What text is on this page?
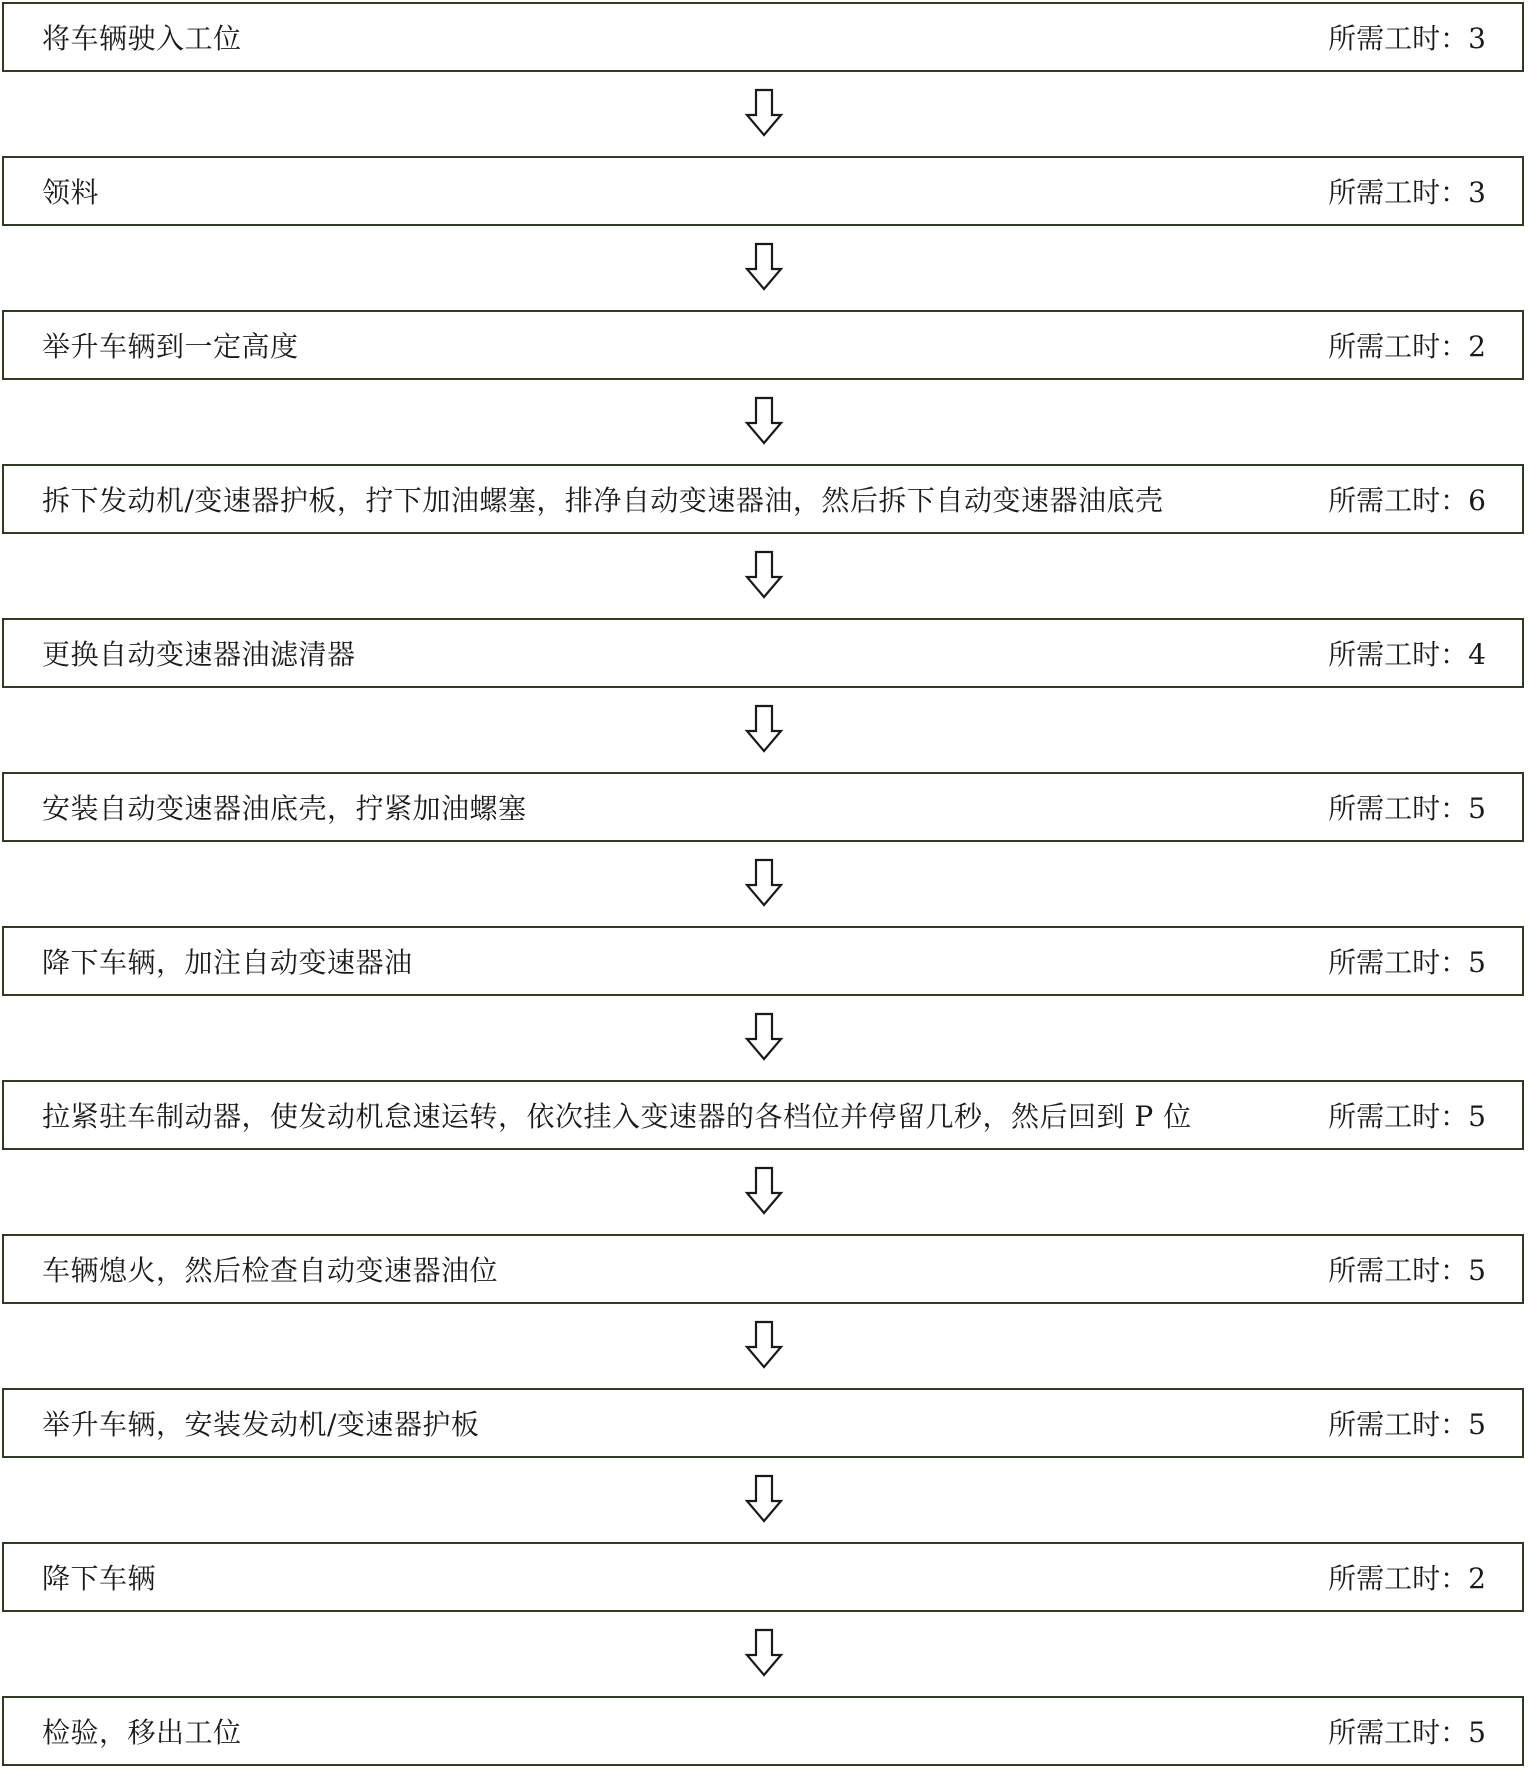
将车辆驶入工位	所需工时：3
领料	所需工时：3
举升车辆到一定高度	所需工时：2
拆下发动机/变速器护板，拧下加油螺塞，排净自动变速器油，然后拆下自动变速器油底壳	所需工时：6
更换自动变速器油滤清器	所需工时：4
安装自动变速器油底壳，拧紧加油螺塞	所需工时：5
降下车辆，加注自动变速器油	所需工时：5
拉紧驻车制动器，使发动机怠速运转，依次挂入变速器的各档位并停留几秒，然后回到 P 位	所需工时：5
车辆熄火，然后检查自动变速器油位	所需工时：5
举升车辆，安装发动机/变速器护板	所需工时：5
降下车辆	所需工时：2
检验，移出工位	所需工时：5
